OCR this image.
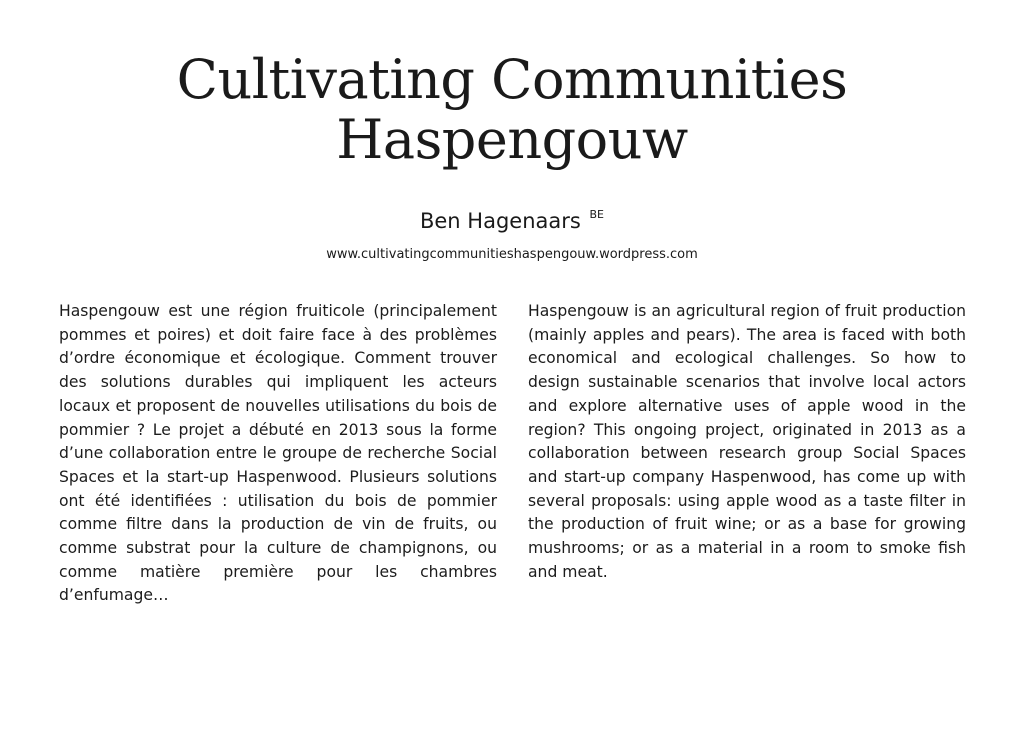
Cultivating Communities
Haspengouw
Ben Hagenaars $^{BE}$
www.cultivatingcommunitieshaspengouw.wordpress.com

Haspengouw est une région fruiticole (principalement pommes et poires) et doit faire face à des problèmes d’ordre économique et écologique. Comment trouver des solutions durables qui impliquent les acteurs locaux et proposent de nouvelles utilisations du bois de pommier ? Le projet a débuté en 2013 sous la forme d’une collaboration entre le groupe de recherche Social Spaces et la start-up Haspenwood. Plusieurs solutions ont été identifiées : utilisation du bois de pommier comme filtre dans la production de vin de fruits, ou comme substrat pour la culture de champignons, ou comme matière première pour les chambres d’enfumage…

Haspengouw is an agricultural region of fruit production (mainly apples and pears). The area is faced with both economical and ecological challenges. So how to design sustainable scenarios that involve local actors and explore alternative uses of apple wood in the region? This ongoing project, originated in 2013 as a collaboration between research group Social Spaces and start-up company Haspenwood, has come up with several proposals: using apple wood as a taste filter in the production of fruit wine; or as a base for growing mushrooms; or as a material in a room to smoke fish and meat.
